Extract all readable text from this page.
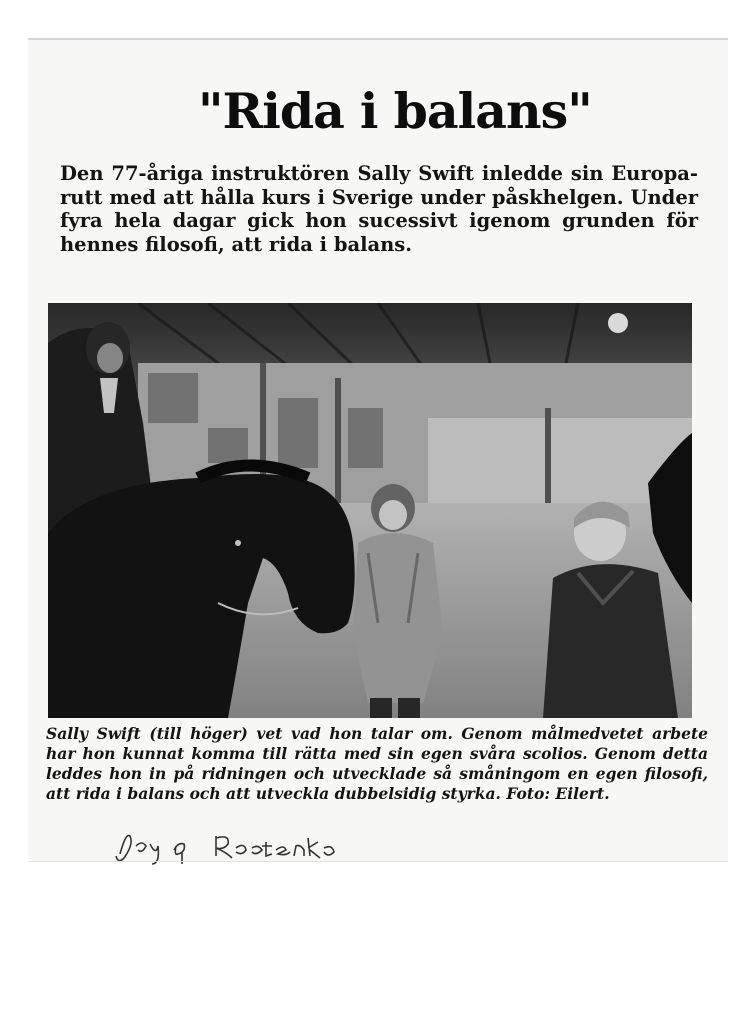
"Rida i balans"
Den 77-åriga instruktören Sally Swift inledde sin Europa-rutt med att hålla kurs i Sverige under påskhelgen. Under fyra hela dagar gick hon sucessivt igenom grunden för hennes filosofi, att rida i balans.
Sally Swift (till höger) vet vad hon talar om. Genom målmedvetet arbete har hon kunnat komma till rätta med sin egen svåra scolios. Genom detta leddes hon in på ridningen och utvecklade så småningom en egen filosofi, att rida i balans och att utveckla dubbelsidig styrka. Foto: Eilert.
